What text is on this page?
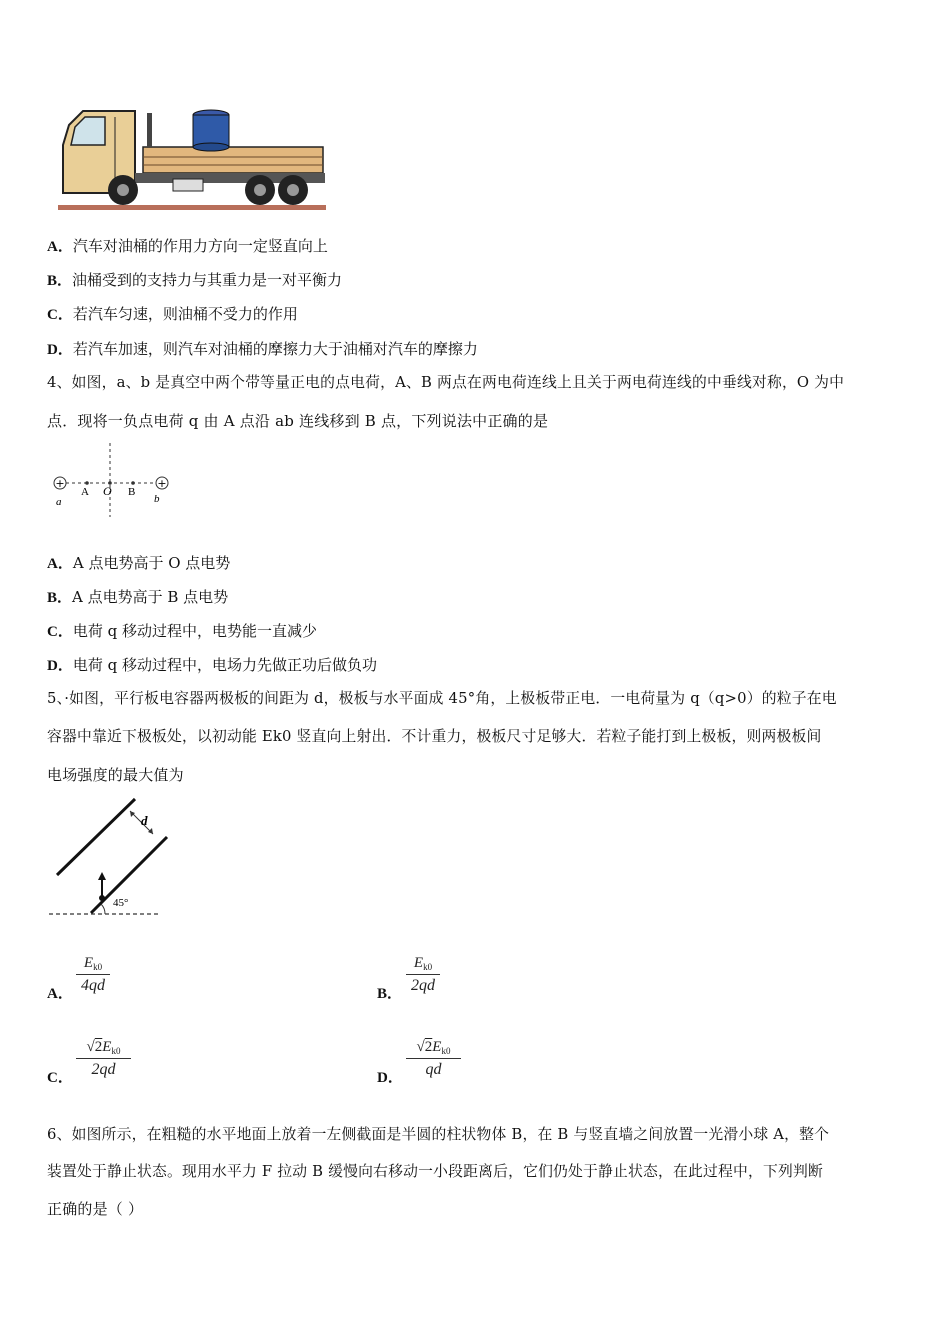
A．汽车对油桶的作用力方向一定竖直向上
B．油桶受到的支持力与其重力是一对平衡力
C．若汽车匀速，则油桶不受力的作用
D．若汽车加速，则汽车对油桶的摩擦力大于油桶对汽车的摩擦力
4、如图，a、b 是真空中两个带等量正电的点电荷，A、B 两点在两电荷连线上且关于两电荷连线的中垂线对称，O 为中
点．现将一负点电荷 q 由 A 点沿 ab 连线移到 B 点，下列说法中正确的是
+	+
a	b
A O B
A．A 点电势高于 O 点电势
B．A 点电势高于 B 点电势
C．电荷 q 移动过程中，电势能一直减少
D．电荷 q 移动过程中，电场力先做正功后做负功
5、·如图，平行板电容器两极板的间距为 d，极板与水平面成 45°角，上极板带正电．一电荷量为 q（q>0）的粒子在电
容器中靠近下极板处，以初动能 Ek0 竖直向上射出．不计重力，极板尺寸足够大．若粒子能打到上极板，则两极板间
电场强度的最大值为
d
45°
A． $\frac{E_{k0}}{4qd}$	B． $\frac{E_{k0}}{2qd}$
C． $\frac{√2E_{k0}}{2qd}$	D． $\frac{√2E_{k0}}{qd}$
6、如图所示，在粗糙的水平地面上放着一左侧截面是半圆的柱状物体 B，在 B 与竖直墙之间放置一光滑小球 A，整个
装置处于静止状态。现用水平力 F 拉动 B 缓慢向右移动一小段距离后，它们仍处于静止状态，在此过程中，下列判断
正确的是（ ）
